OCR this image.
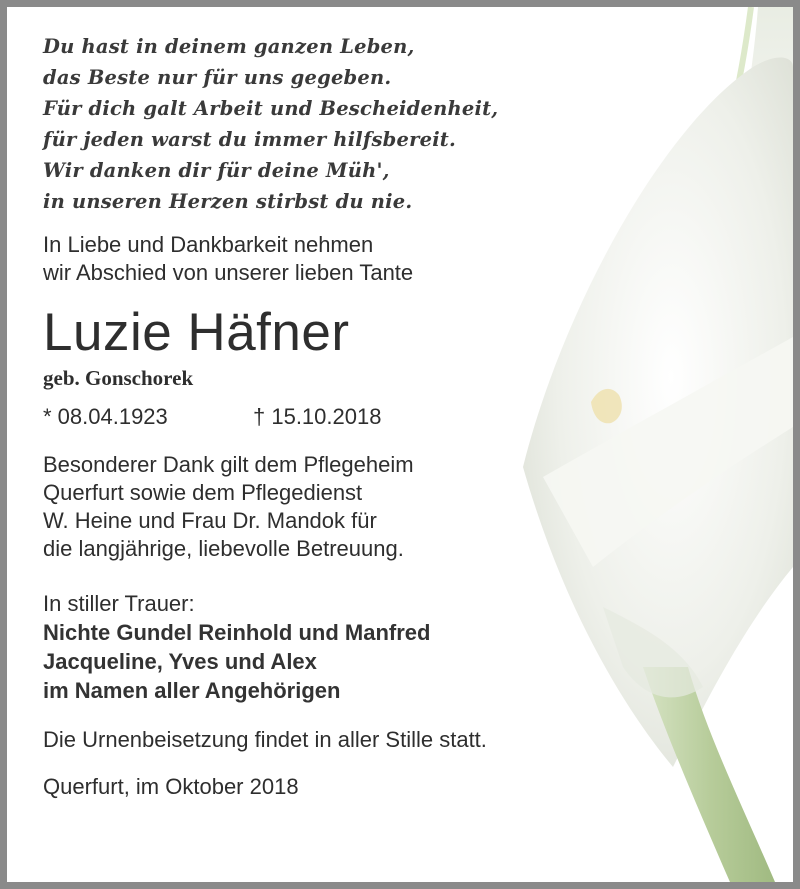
Du hast in deinem ganzen Leben,
das Beste nur für uns gegeben.
Für dich galt Arbeit und Bescheidenheit,
für jeden warst du immer hilfsbereit.
Wir danken dir für deine Müh',
in unseren Herzen stirbst du nie.
In Liebe und Dankbarkeit nehmen
wir Abschied von unserer lieben Tante
Luzie Häfner
geb. Gonschorek
* 08.04.1923	† 15.10.2018
Besonderer Dank gilt dem Pflegeheim
Querfurt sowie dem Pflegedienst
W. Heine und Frau Dr. Mandok für
die langjährige, liebevolle Betreuung.
In stiller Trauer:
Nichte Gundel Reinhold und Manfred
Jacqueline, Yves und Alex
im Namen aller Angehörigen
Die Urnenbeisetzung findet in aller Stille statt.
Querfurt, im Oktober 2018
